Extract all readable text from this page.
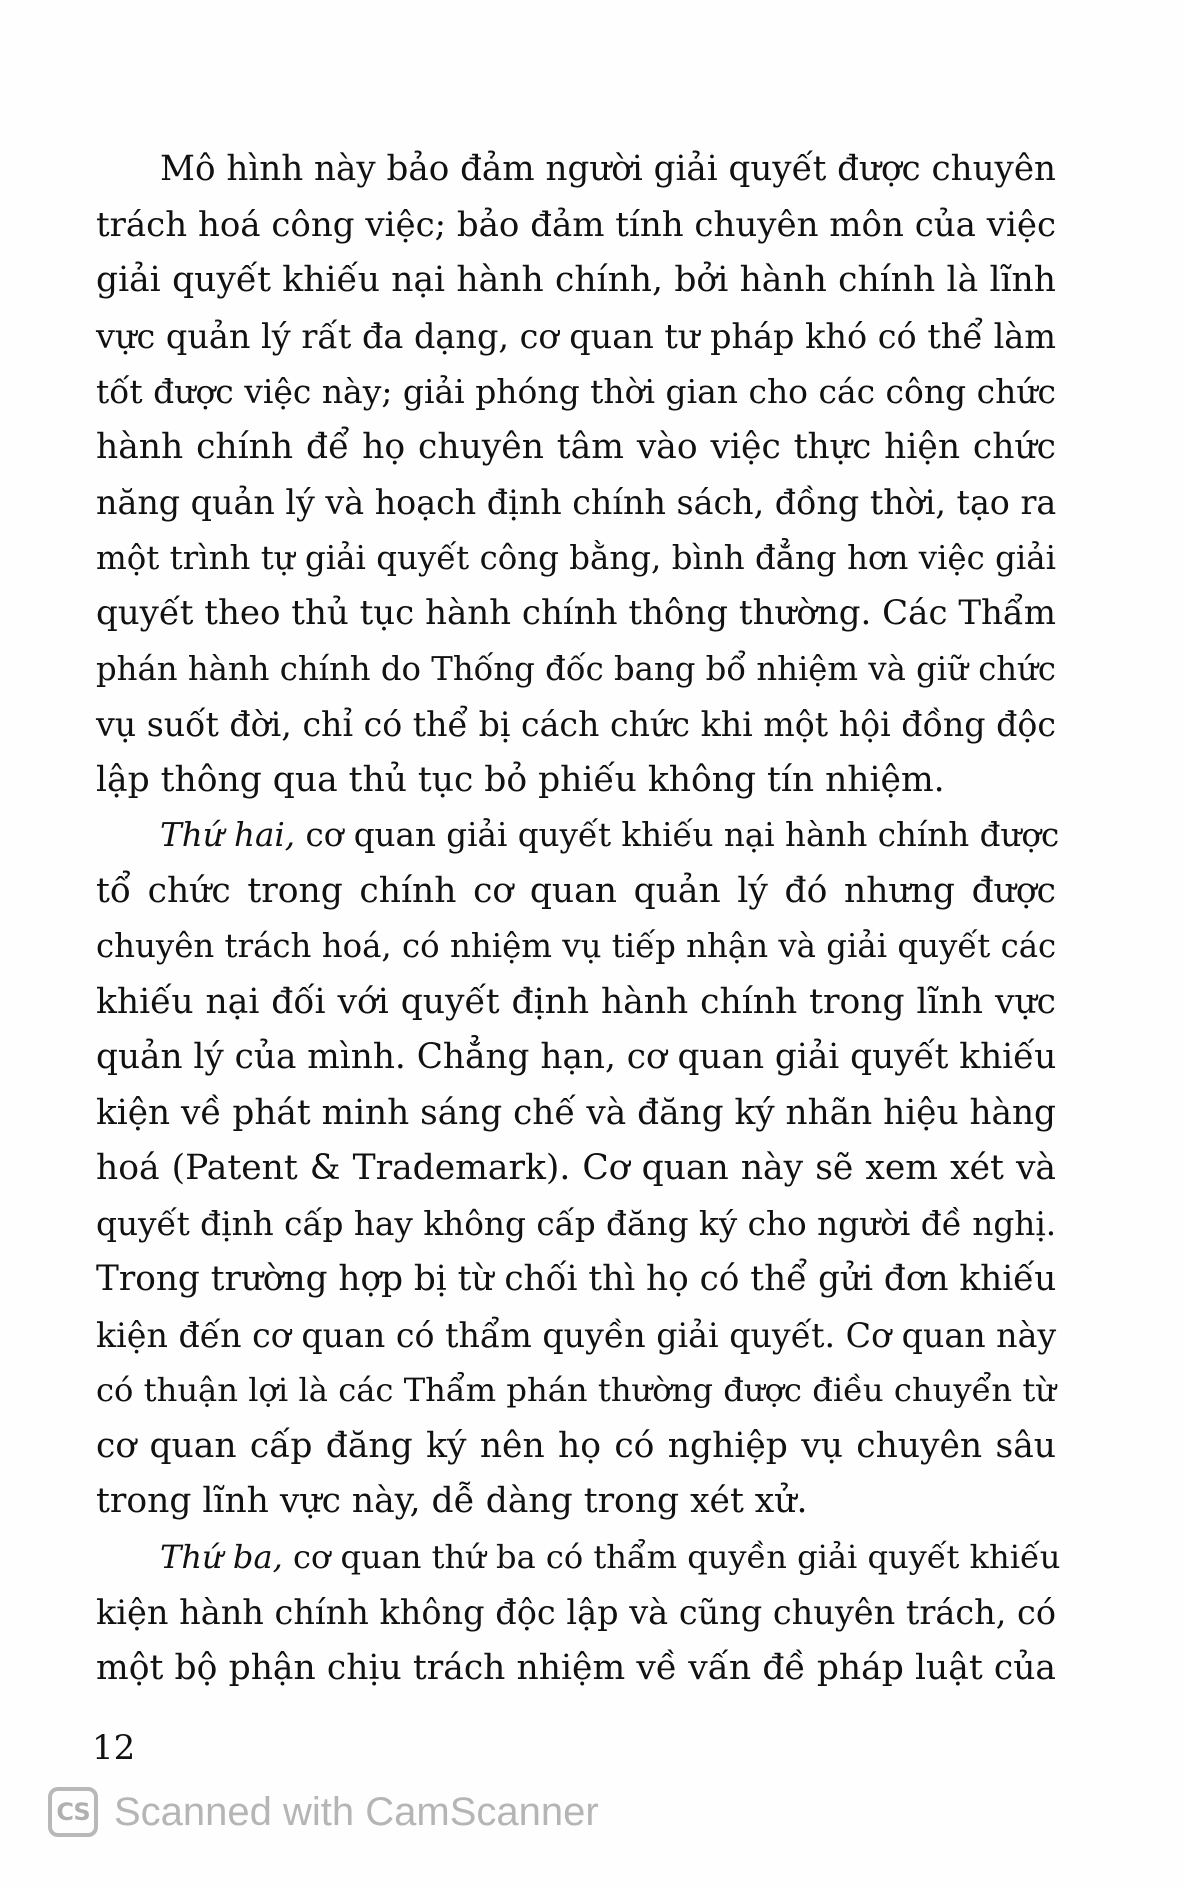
Mô hình này bảo đảm người giải quyết được chuyên
trách hoá công việc; bảo đảm tính chuyên môn của việc
giải quyết khiếu nại hành chính, bởi hành chính là lĩnh
vực quản lý rất đa dạng, cơ quan tư pháp khó có thể làm
tốt được việc này; giải phóng thời gian cho các công chức
hành chính để họ chuyên tâm vào việc thực hiện chức
năng quản lý và hoạch định chính sách, đồng thời, tạo ra
một trình tự giải quyết công bằng, bình đẳng hơn việc giải
quyết theo thủ tục hành chính thông thường. Các Thẩm
phán hành chính do Thống đốc bang bổ nhiệm và giữ chức
vụ suốt đời, chỉ có thể bị cách chức khi một hội đồng độc
lập thông qua thủ tục bỏ phiếu không tín nhiệm.
Thứ hai, cơ quan giải quyết khiếu nại hành chính được
tổ chức trong chính cơ quan quản lý đó nhưng được
chuyên trách hoá, có nhiệm vụ tiếp nhận và giải quyết các
khiếu nại đối với quyết định hành chính trong lĩnh vực
quản lý của mình. Chẳng hạn, cơ quan giải quyết khiếu
kiện về phát minh sáng chế và đăng ký nhãn hiệu hàng
hoá (Patent & Trademark). Cơ quan này sẽ xem xét và
quyết định cấp hay không cấp đăng ký cho người đề nghị.
Trong trường hợp bị từ chối thì họ có thể gửi đơn khiếu
kiện đến cơ quan có thẩm quyền giải quyết. Cơ quan này
có thuận lợi là các Thẩm phán thường được điều chuyển từ
cơ quan cấp đăng ký nên họ có nghiệp vụ chuyên sâu
trong lĩnh vực này, dễ dàng trong xét xử.
Thứ ba, cơ quan thứ ba có thẩm quyền giải quyết khiếu
kiện hành chính không độc lập và cũng chuyên trách, có
một bộ phận chịu trách nhiệm về vấn đề pháp luật của
12
CS Scanned with CamScanner
